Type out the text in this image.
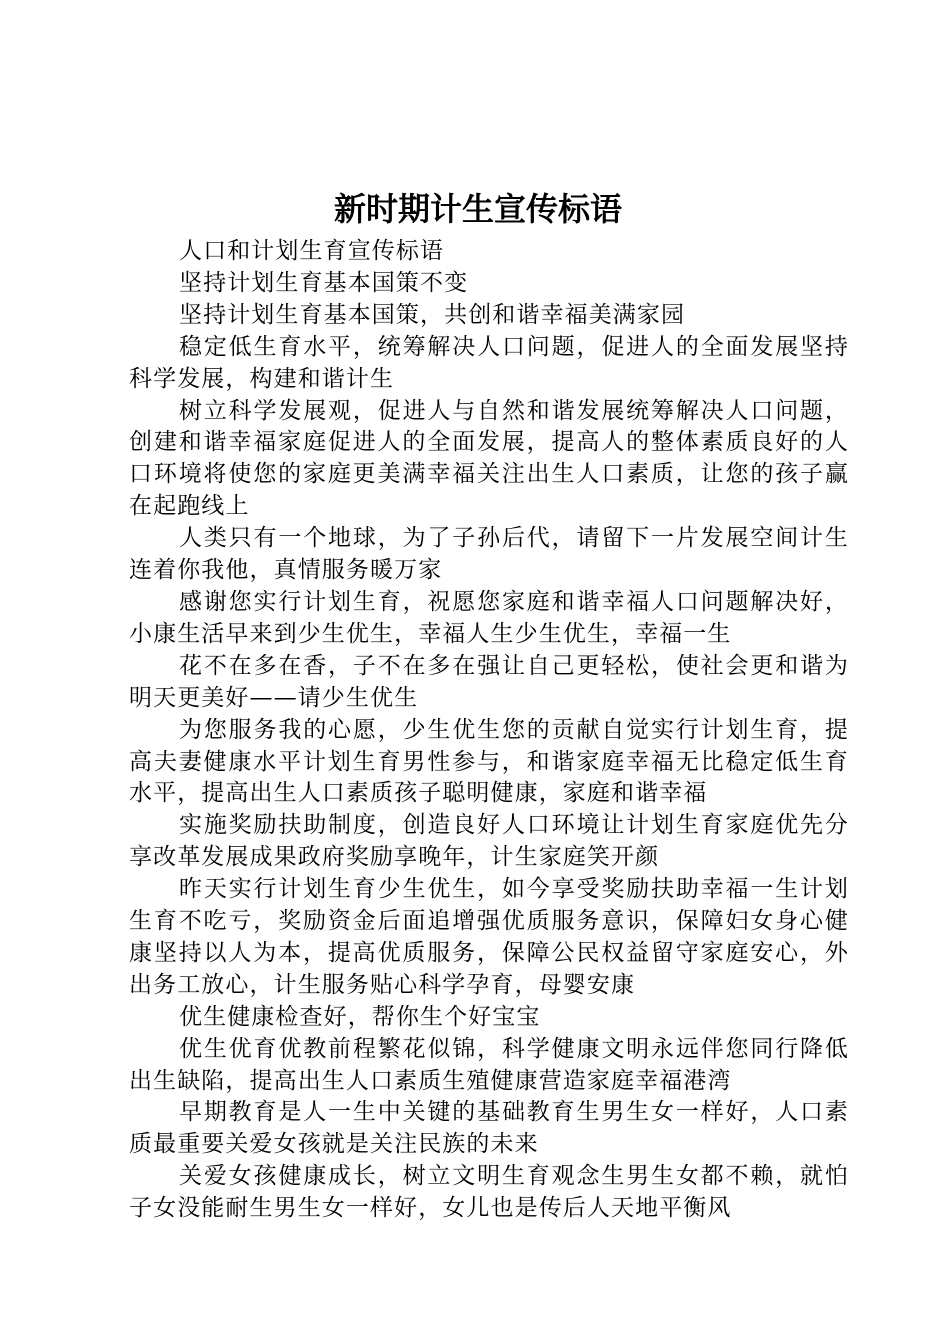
新时期计生宣传标语

人口和计划生育宣传标语

坚持计划生育基本国策不变

坚持计划生育基本国策，共创和谐幸福美满家园

稳定低生育水平，统筹解决人口问题，促进人的全面发展坚持科学发展，构建和谐计生

树立科学发展观，促进人与自然和谐发展统筹解决人口问题，创建和谐幸福家庭促进人的全面发展，提高人的整体素质良好的人口环境将使您的家庭更美满幸福关注出生人口素质，让您的孩子赢在起跑线上

人类只有一个地球，为了子孙后代，请留下一片发展空间计生连着你我他，真情服务暖万家

感谢您实行计划生育，祝愿您家庭和谐幸福人口问题解决好，小康生活早来到少生优生，幸福人生少生优生，幸福一生

花不在多在香，子不在多在强让自己更轻松，使社会更和谐为明天更美好——请少生优生

为您服务我的心愿，少生优生您的贡献自觉实行计划生育，提高夫妻健康水平计划生育男性参与，和谐家庭幸福无比稳定低生育水平，提高出生人口素质孩子聪明健康，家庭和谐幸福

实施奖励扶助制度，创造良好人口环境让计划生育家庭优先分享改革发展成果政府奖励享晚年，计生家庭笑开颜

昨天实行计划生育少生优生，如今享受奖励扶助幸福一生计划生育不吃亏，奖励资金后面追增强优质服务意识，保障妇女身心健康坚持以人为本，提高优质服务，保障公民权益留守家庭安心，外出务工放心，计生服务贴心科学孕育，母婴安康

优生健康检查好，帮你生个好宝宝

优生优育优教前程繁花似锦，科学健康文明永远伴您同行降低出生缺陷，提高出生人口素质生殖健康营造家庭幸福港湾

早期教育是人一生中关键的基础教育生男生女一样好，人口素质最重要关爱女孩就是关注民族的未来

关爱女孩健康成长，树立文明生育观念生男生女都不赖，就怕子女没能耐生男生女一样好，女儿也是传后人天地平衡风
